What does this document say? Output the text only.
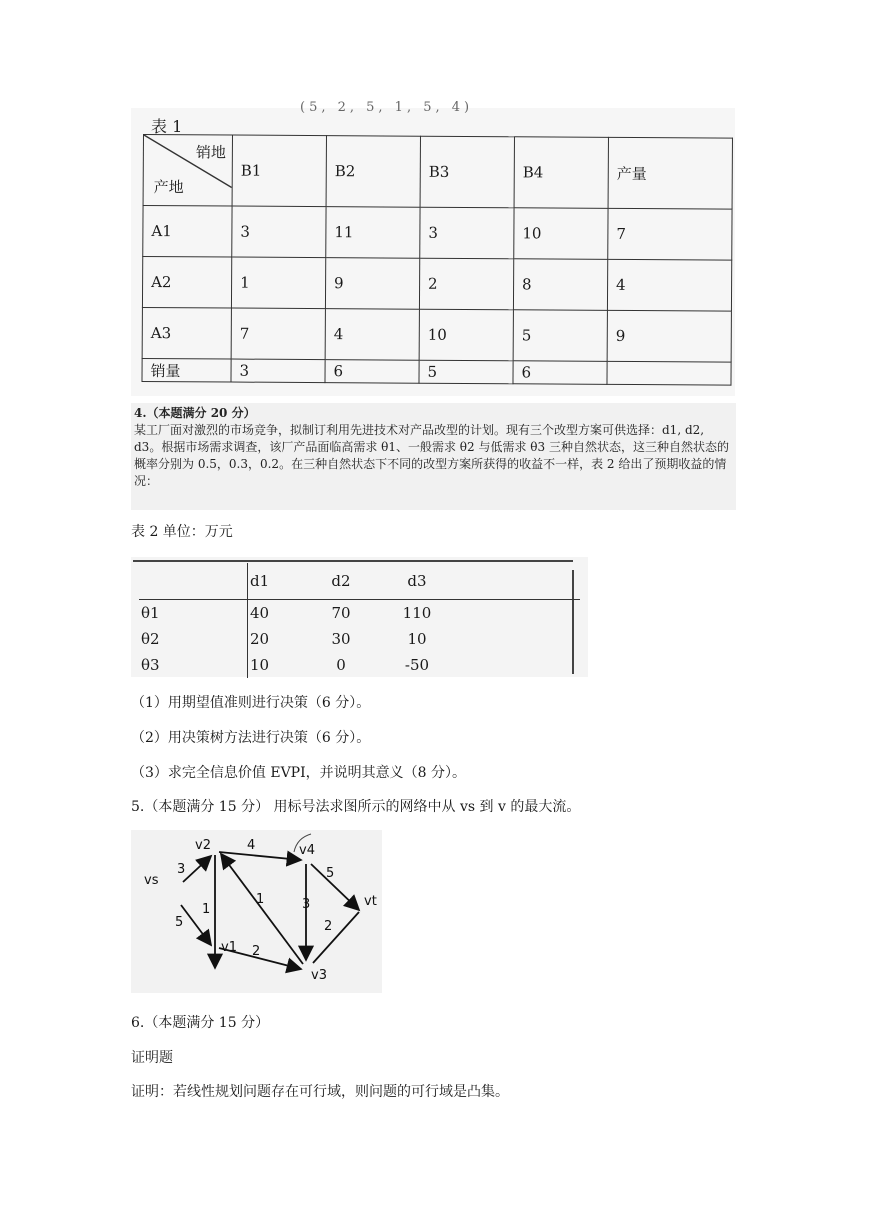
(5, 2, 5, 1, 5, 4)
表 1
销地
产地	B1	B2	B3	B4	产量
A1	3	11	3	10	7
A2	1	9	2	8	4
A3	7	4	10	5	9
销量	3	6	5	6	
4.（本题满分 20 分）
某工厂面对激烈的市场竞争，拟制订利用先进技术对产品改型的计划。现有三个改型方案可供选择：d1, d2, d3。根据市场需求调查，该厂产品面临高需求 θ1、一般需求 θ2 与低需求 θ3 三种自然状态，这三种自然状态的概率分别为 0.5，0.3，0.2。在三种自然状态下不同的改型方案所获得的收益不一样，表 2 给出了预期收益的情况：
表 2 单位：万元
	d1	d2	d3	
θ1	40	70	110	
θ2	20	30	10	
θ3	10	0	-50	
（1）用期望值准则进行决策（6 分）。
（2）用决策树方法进行决策（6 分）。
（3）求完全信息价值 EVPI，并说明其意义（8 分）。
5.（本题满分 15 分） 用标号法求图所示的网络中从 vs 到 v 的最大流。
vs
v2
v1
v3
v4
vt
3
5
1
4
1
2
3
5
2
6.（本题满分 15 分）
证明题
证明：若线性规划问题存在可行域，则问题的可行域是凸集。
